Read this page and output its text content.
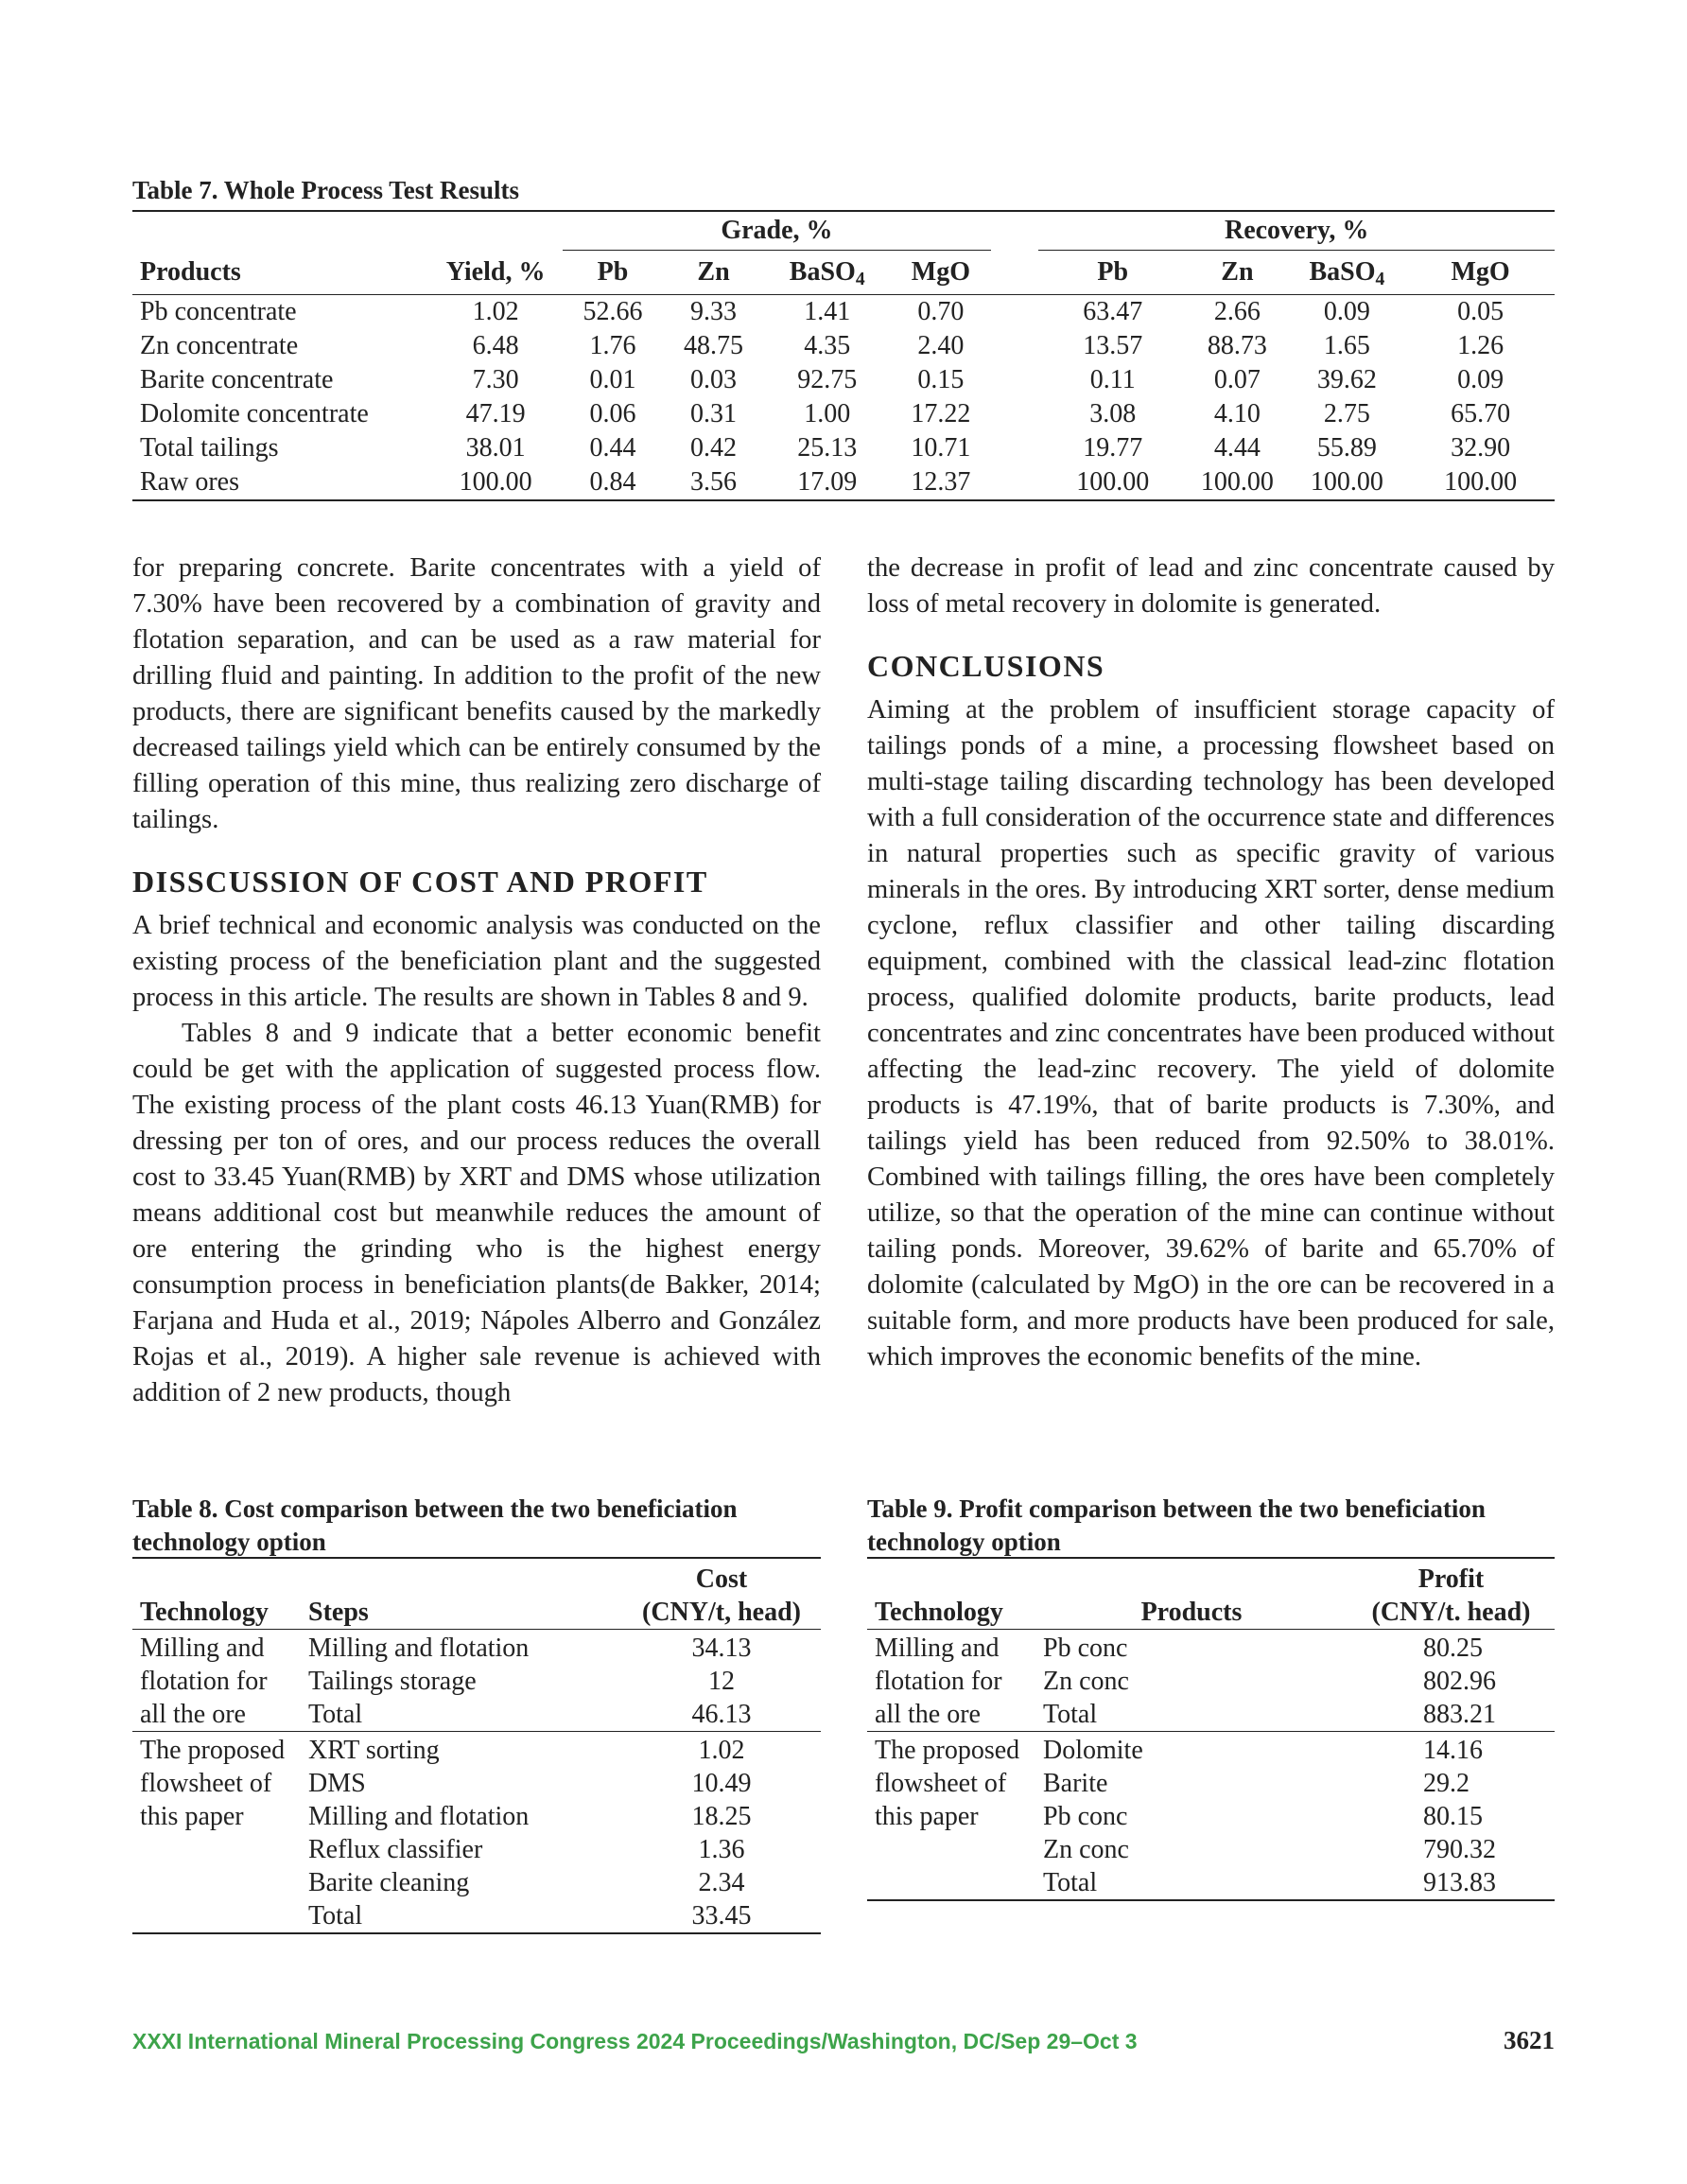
Table 7. Whole Process Test Results
		Grade, %					Recovery, %			
Products	Yield, %	Pb	Zn	BaSO$_4$	MgO		Pb	Zn	BaSO$_4$	MgO
Pb concentrate	1.02	52.66	9.33	1.41	0.70		63.47	2.66	0.09	0.05
Zn concentrate	6.48	1.76	48.75	4.35	2.40		13.57	88.73	1.65	1.26
Barite concentrate	7.30	0.01	0.03	92.75	0.15		0.11	0.07	39.62	0.09
Dolomite concentrate	47.19	0.06	0.31	1.00	17.22		3.08	4.10	2.75	65.70
Total tailings	38.01	0.44	0.42	25.13	10.71		19.77	4.44	55.89	32.90
Raw ores	100.00	0.84	3.56	17.09	12.37		100.00	100.00	100.00	100.00

for preparing concrete. Barite concentrates with a yield of 7.30% have been recovered by a combination of gravity and flotation separation, and can be used as a raw material for drilling fluid and painting. In addition to the profit of the new products, there are significant benefits caused by the markedly decreased tailings yield which can be entirely consumed by the filling operation of this mine, thus realizing zero discharge of tailings.

DISSCUSSION OF COST AND PROFIT

A brief technical and economic analysis was conducted on the existing process of the beneficiation plant and the suggested process in this article. The results are shown in Tables 8 and 9.

Tables 8 and 9 indicate that a better economic benefit could be get with the application of suggested process flow. The existing process of the plant costs 46.13 Yuan(RMB) for dressing per ton of ores, and our process reduces the overall cost to 33.45 Yuan(RMB) by XRT and DMS whose utilization means additional cost but meanwhile reduces the amount of ore entering the grinding who is the highest energy consumption process in beneficiation plants(de Bakker, 2014; Farjana and Huda et al., 2019; Nápoles Alberro and González Rojas et al., 2019). A higher sale revenue is achieved with addition of 2 new products, though

the decrease in profit of lead and zinc concentrate caused by loss of metal recovery in dolomite is generated.

CONCLUSIONS

Aiming at the problem of insufficient storage capacity of tailings ponds of a mine, a processing flowsheet based on multi-stage tailing discarding technology has been developed with a full consideration of the occurrence state and differences in natural properties such as specific gravity of various minerals in the ores. By introducing XRT sorter, dense medium cyclone, reflux classifier and other tailing discarding equipment, combined with the classical lead-zinc flotation process, qualified dolomite products, barite products, lead concentrates and zinc concentrates have been produced without affecting the lead-zinc recovery. The yield of dolomite products is 47.19%, that of barite products is 7.30%, and tailings yield has been reduced from 92.50% to 38.01%. Combined with tailings filling, the ores have been completely utilize, so that the operation of the mine can continue without tailing ponds. Moreover, 39.62% of barite and 65.70% of dolomite (calculated by MgO) in the ore can be recovered in a suitable form, and more products have been produced for sale, which improves the economic benefits of the mine.

Table 8. Cost comparison between the two beneficiation technology option
		Cost
Technology	Steps	(CNY/t, head)
Milling and	Milling and flotation	34.13
flotation for	Tailings storage	12
all the ore	Total	46.13
The proposed	XRT sorting	1.02
flowsheet of	DMS	10.49
this paper	Milling and flotation	18.25
	Reflux classifier	1.36
	Barite cleaning	2.34
	Total	33.45
Table 9. Profit comparison between the two beneficiation technology option
		Profit
Technology	Products	(CNY/t. head)
Milling and	Pb conc	80.25
flotation for	Zn conc	802.96
all the ore	Total	883.21
The proposed	Dolomite	14.16
flowsheet of	Barite	29.2
this paper	Pb conc	80.15
	Zn conc	790.32
	Total	913.83
XXXI International Mineral Processing Congress 2024 Proceedings/Washington, DC/Sep 29–Oct 3	3621
